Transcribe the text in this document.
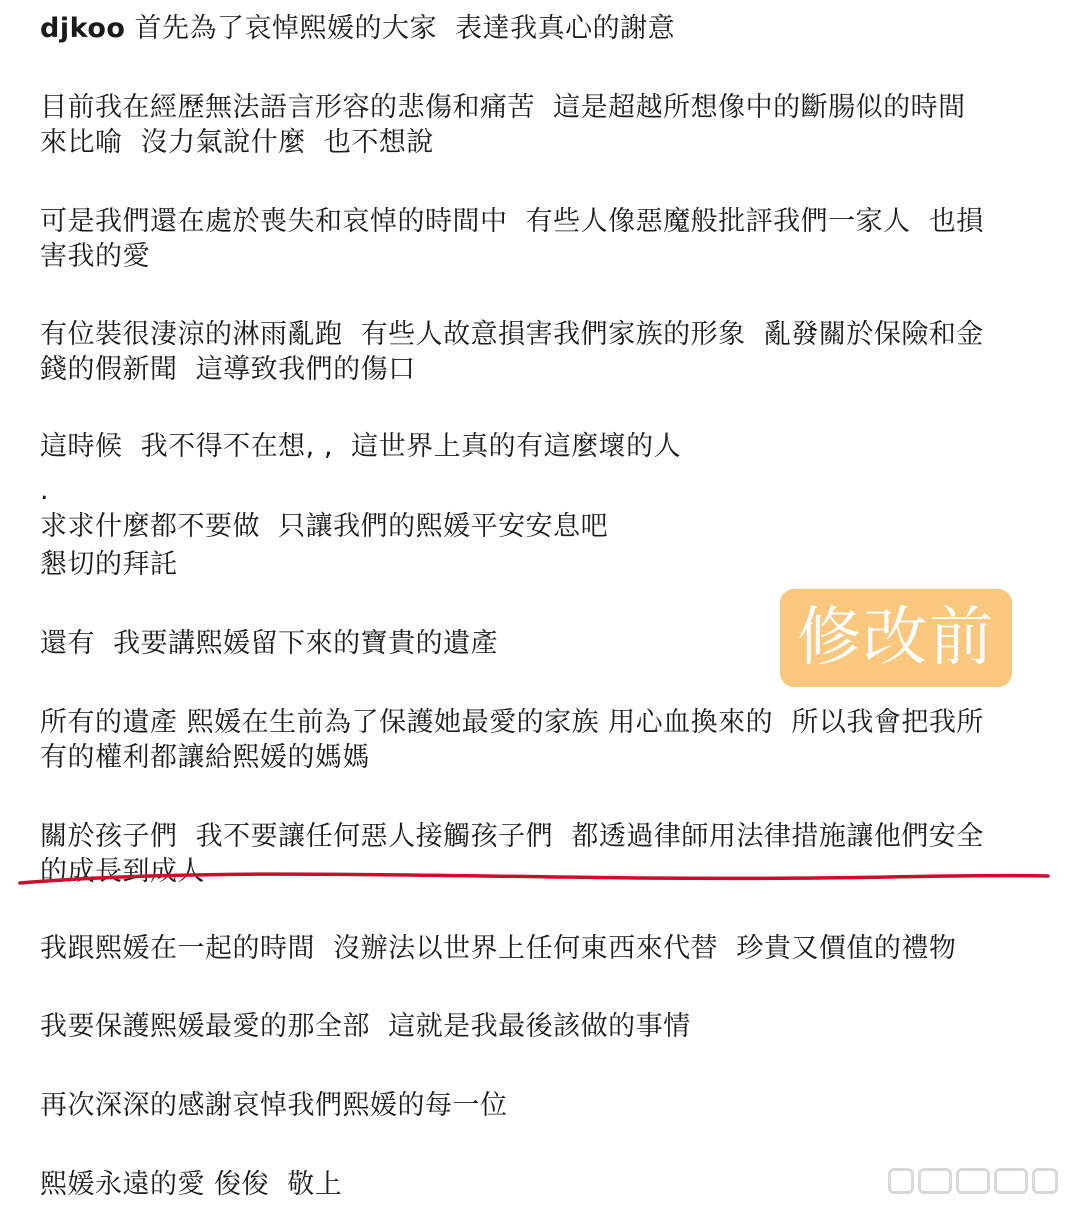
djkoo 首先為了哀悼熙媛的大家  表達我真心的謝意

目前我在經歷無法語言形容的悲傷和痛苦  這是超越所想像中的斷腸似的時間

來比喻  沒力氣說什麼  也不想說

可是我們還在處於喪失和哀悼的時間中  有些人像惡魔般批評我們一家人  也損

害我的愛

有位裝很淒涼的淋雨亂跑  有些人故意損害我們家族的形象  亂發關於保險和金

錢的假新聞  這導致我們的傷口

這時候  我不得不在想, ,  這世界上真的有這麼壞的人

.

求求什麼都不要做  只讓我們的熙媛平安安息吧

懇切的拜託

還有  我要講熙媛留下來的寶貴的遺產

所有的遺產 熙媛在生前為了保護她最愛的家族 用心血換來的  所以我會把我所

有的權利都讓給熙媛的媽媽

關於孩子們  我不要讓任何惡人接觸孩子們  都透過律師用法律措施讓他們安全

的成長到成人

我跟熙媛在一起的時間  沒辦法以世界上任何東西來代替  珍貴又價值的禮物

我要保護熙媛最愛的那全部  這就是我最後該做的事情

再次深深的感謝哀悼我們熙媛的每一位

熙媛永遠的愛 俊俊  敬上

修改前
